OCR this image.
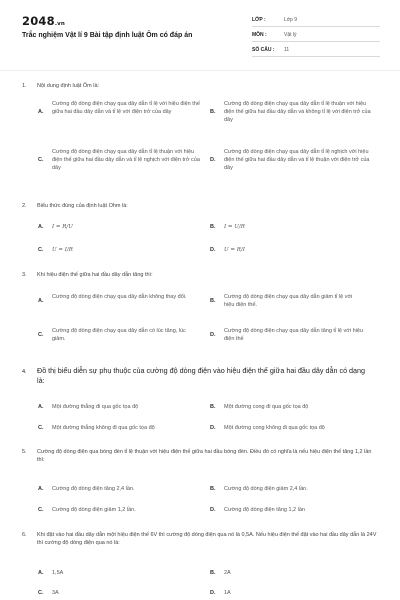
2048.vn
Trắc nghiệm Vật lí 9 Bài tập định luật Ôm có đáp án
LỚP :	Lớp 9
MÔN :	Vật lý
SỐ CÂU : 11
1. Nội dung định luật Ôm là:
A.
Cường độ dòng điện chạy qua dây dẫn tỉ lệ với hiệu điện thế giữa hai đầu dây dẫn và tỉ lệ với điện trở của dây	B.
Cường độ dòng điện chạy qua dây dẫn tỉ lệ thuận với hiệu điện thế giữa hai đầu dây dẫn và không tỉ lệ với điện trở của dây
C.
Cường độ dòng điện chạy qua dây dẫn tỉ lệ thuận với hiệu điện thế giữa hai đầu dây dẫn và tỉ lệ nghịch với điện trở của dây
D.
Cường độ dòng điện chạy qua dây dẫn tỉ lệ nghịch với hiệu điện thế giữa hai đầu dây dẫn và tỉ lệ thuận với điện trở của dây
2. Biểu thức đúng của định luật Ohm là:
A. I = R/U	B. I = U/R
C. U = I/R	D. U = R/I
3. Khi hiệu điện thế giữa hai đầu dây dẫn tăng thì:
A.
Cường độ dòng điện chạy qua dây dẫn không thay đổi.
B.
Cường độ dòng điện chạy qua dây dẫn giảm tỉ lệ với hiệu điện thế.
C.
Cường độ dòng điện chạy qua dây dẫn có lúc tăng, lúc giảm.
D.
Cường độ dòng điện chạy qua dây dẫn tăng tỉ lệ với hiệu điện thế
4. Đồ thị biểu diễn sự phụ thuộc của cường độ dòng điện vào hiệu điện thế giữa hai đầu dây dẫn có dạng là:
A. Một đường thẳng đi qua gốc tọa độ	B. Một đường cong đi qua gốc tọa độ
C. Một đường thẳng không đi qua gốc tọa độ	D. Một đường cong không đi qua gốc tọa độ
5. Cường độ dòng điện qua bóng đèn tỉ lệ thuận với hiệu điện thế giữa hai đầu bóng đèn. Điều đó có nghĩa là nếu hiệu điện thế tăng 1,2 lần thì:
A. Cường độ dòng điện tăng 2,4 lần.	B. Cường độ dòng điện giảm 2,4 lần.
C. Cường độ dòng điện giảm 1,2 lần.	D. Cường độ dòng điện tăng 1,2 lần
6. Khi đặt vào hai đầu dây dẫn một hiệu điện thế 6V thì cường độ dòng điện qua nó là 0,5A. Nếu hiệu điện thế đặt vào hai đầu dây dẫn là 24V thì cường độ dòng điện qua nó là:
A. 1,5A	B. 2A
C. 3A	D. 1A
